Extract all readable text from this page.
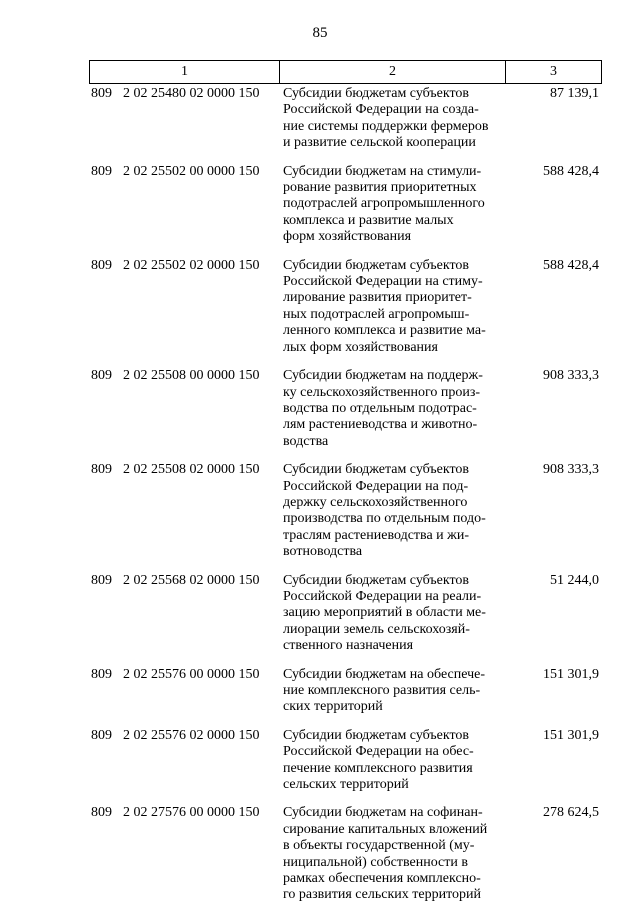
85
1	2	3
809 2 02 25480 02 0000 150	Субсидии бюджетам субъектов
Российской Федерации на созда-
ние системы поддержки фермеров
и развитие сельской кооперации
87 139,1
809 2 02 25502 00 0000 150	Субсидии бюджетам на стимули-
рование развития приоритетных
подотраслей агропромышленного
комплекса и развитие малых
форм хозяйствования
588 428,4
809 2 02 25502 02 0000 150	Субсидии бюджетам субъектов
Российской Федерации на стиму-
лирование развития приоритет-
ных подотраслей агропромыш-
ленного комплекса и развитие ма-
лых форм хозяйствования
588 428,4
809 2 02 25508 00 0000 150	Субсидии бюджетам на поддерж-
ку сельскохозяйственного произ-
водства по отдельным подотрас-
лям растениеводства и животно-
водства
908 333,3
809 2 02 25508 02 0000 150	Субсидии бюджетам субъектов
Российской Федерации на под-
держку сельскохозяйственного
производства по отдельным подо-
траслям растениеводства и жи-
вотноводства
908 333,3
809 2 02 25568 02 0000 150	Субсидии бюджетам субъектов
Российской Федерации на реали-
зацию мероприятий в области ме-
лиорации земель сельскохозяй-
ственного назначения
51 244,0
809 2 02 25576 00 0000 150	Субсидии бюджетам на обеспече-
ние комплексного развития сель-
ских территорий
151 301,9
809 2 02 25576 02 0000 150	Субсидии бюджетам субъектов
Российской Федерации на обес-
печение комплексного развития
сельских территорий
151 301,9
809 2 02 27576 00 0000 150	Субсидии бюджетам на софинан-
сирование капитальных вложений
в объекты государственной (му-
ниципальной) собственности в
рамках обеспечения комплексно-
го развития сельских территорий
278 624,5
